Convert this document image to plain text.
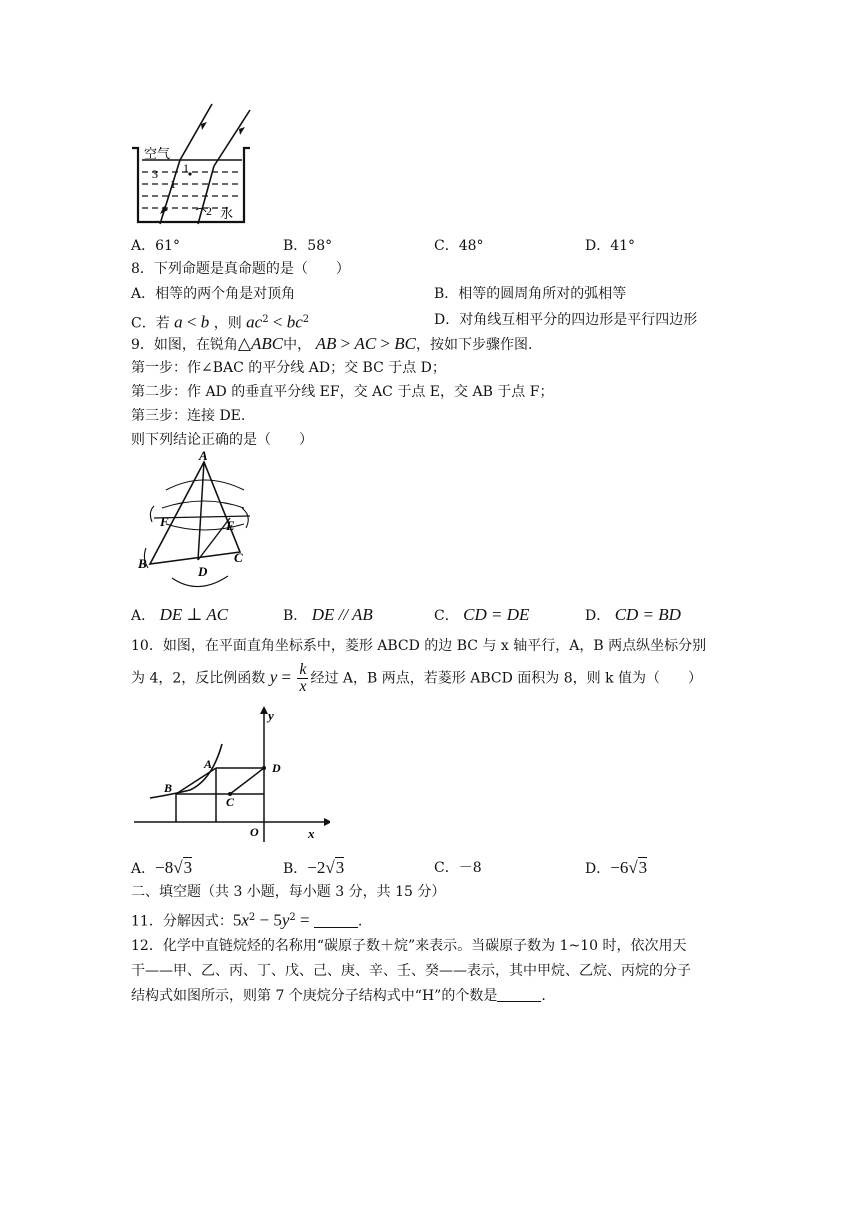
空气
1
1
3
2 水
A．61°	B．58°	C．48°	D．41°
8．下列命题是真命题的是（　　）
A．相等的两个角是对顶角	B．相等的圆周角所对的弧相等
C．若 a < b ，则 $ac^2 < bc^2$	D．对角线互相平分的四边形是平行四边形
9．如图，在锐角△ABC中， AB > AC > BC，按如下步骤作图.
第一步：作∠BAC 的平分线 AD；交 BC 于点 D；
第二步：作 AD 的垂直平分线 EF，交 AC 于点 E，交 AB 于点 F；
第三步：连接 DE.
则下列结论正确的是（　　）
A
F	E
B	C
D
A． DE ⊥ AC	B． DE // AB	C． CD = DE	D． CD = BD
10．如图，在平面直角坐标系中，菱形 ABCD 的边 BC 与 x 轴平行，A，B 两点纵坐标分别
为 4，2，反比例函数 $y = \frac{k}{x}$ 经过 A，B 两点，若菱形 ABCD 面积为 8，则 k 值为（　　）
y
x
O
A
B
C
D
A．−8√3	B．−2√3	C．－8	D．−6√3
二、填空题（共 3 小题，每小题 3 分，共 15 分）
11．分解因式：$5x^2 - 5y^2$ =	.
12．化学中直链烷烃的名称用“碳原子数＋烷”来表示。当碳原子数为 1~10 时，依次用天
干——甲、乙、丙、丁、戊、己、庚、辛、壬、癸——表示，其中甲烷、乙烷、丙烷的分子
结构式如图所示，则第 7 个庚烷分子结构式中“H”的个数是	.
